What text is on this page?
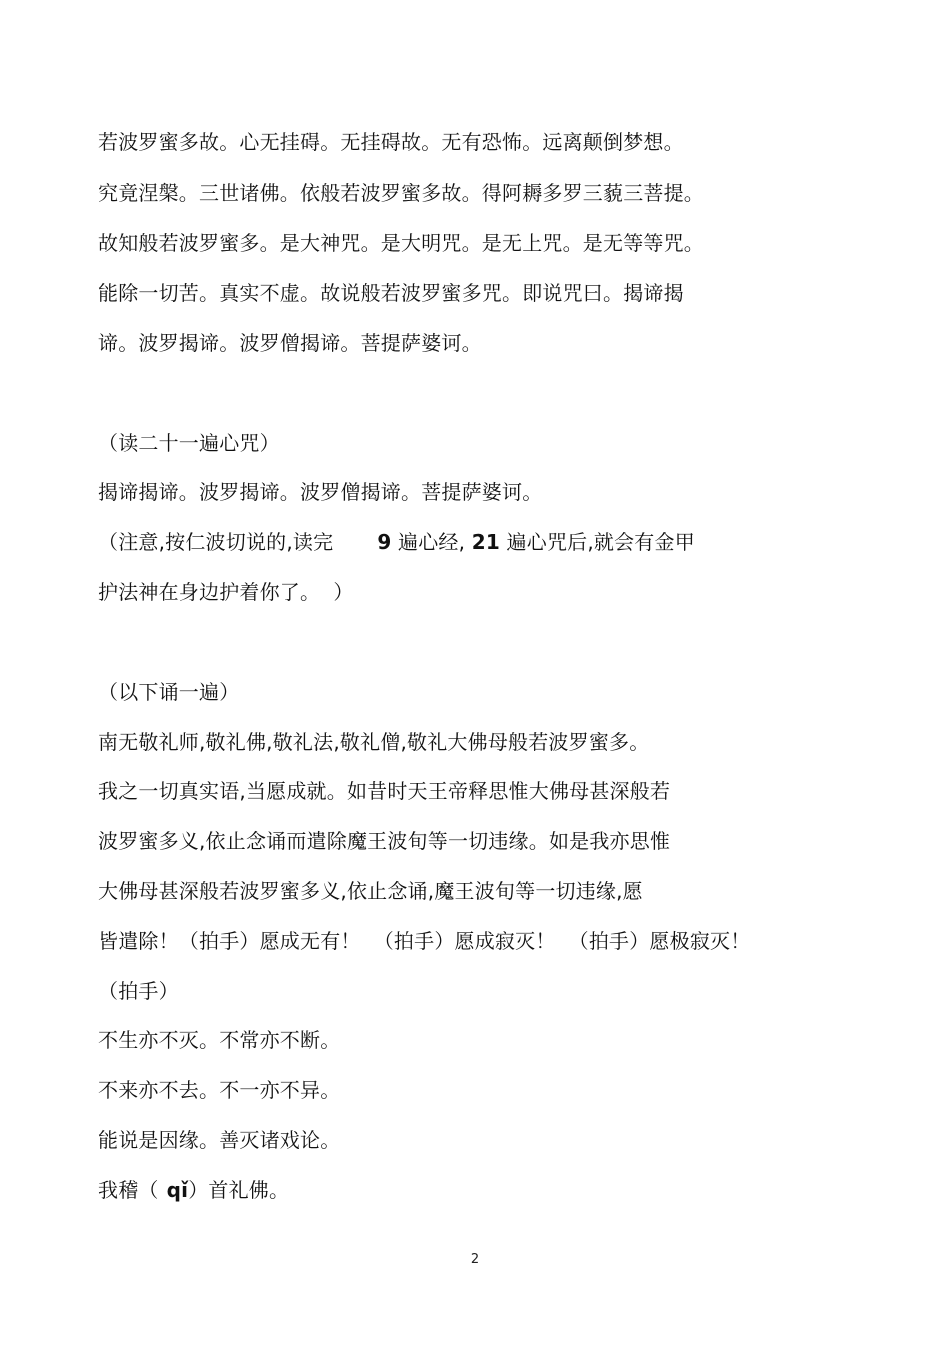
若波罗蜜多故。心无挂碍。无挂碍故。无有恐怖。远离颠倒梦想。
究竟涅槃。三世诸佛。依般若波罗蜜多故。得阿耨多罗三藐三菩提。
故知般若波罗蜜多。是大神咒。是大明咒。是无上咒。是无等等咒。
能除一切苦。真实不虚。故说般若波罗蜜多咒。即说咒曰。揭谛揭
谛。波罗揭谛。波罗僧揭谛。菩提萨婆诃。
（读二十一遍心咒）
揭谛揭谛。波罗揭谛。波罗僧揭谛。菩提萨婆诃。
（注意,按仁波切说的,读完 9 遍心经, 21 遍心咒后,就会有金甲
护法神在身边护着你了。  ）
（以下诵一遍）
南无敬礼师,敬礼佛,敬礼法,敬礼僧,敬礼大佛母般若波罗蜜多。
我之一切真实语,当愿成就。如昔时天王帝释思惟大佛母甚深般若
波罗蜜多义,依止念诵而遣除魔王波旬等一切违缘。如是我亦思惟
大佛母甚深般若波罗蜜多义,依止念诵,魔王波旬等一切违缘,愿
皆遣除！（拍手）愿成无有！  （拍手）愿成寂灭！  （拍手）愿极寂灭！
（拍手）
不生亦不灭。不常亦不断。
不来亦不去。不一亦不异。
能说是因缘。善灭诸戏论。
我稽（ qǐ）首礼佛。
2
